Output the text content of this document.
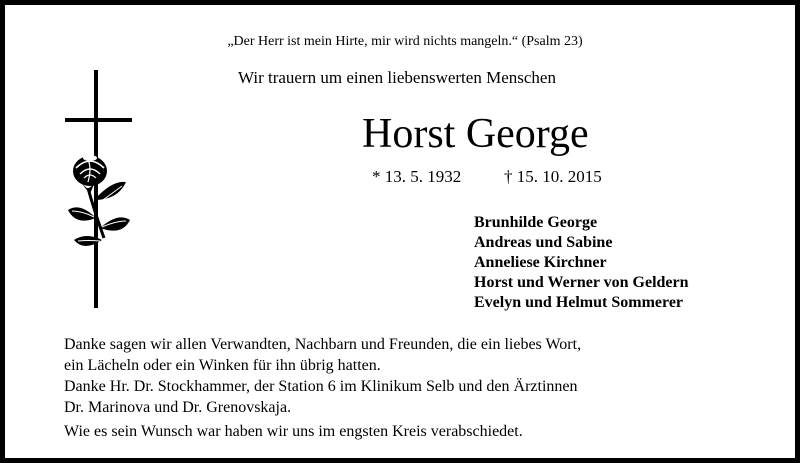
„Der Herr ist mein Hirte, mir wird nichts mangeln.“ (Psalm 23)
Wir trauern um einen liebenswerten Menschen
Horst George
* 13. 5. 1932	† 15. 10. 2015
Brunhilde George
Andreas und Sabine
Anneliese Kirchner
Horst und Werner von Geldern
Evelyn und Helmut Sommerer
Danke sagen wir allen Verwandten, Nachbarn und Freunden, die ein liebes Wort,
ein Lächeln oder ein Winken für ihn übrig hatten.
Danke Hr. Dr. Stockhammer, der Station 6 im Klinikum Selb und den Ärztinnen
Dr. Marinova und Dr. Grenovskaja.
Wie es sein Wunsch war haben wir uns im engsten Kreis verabschiedet.
